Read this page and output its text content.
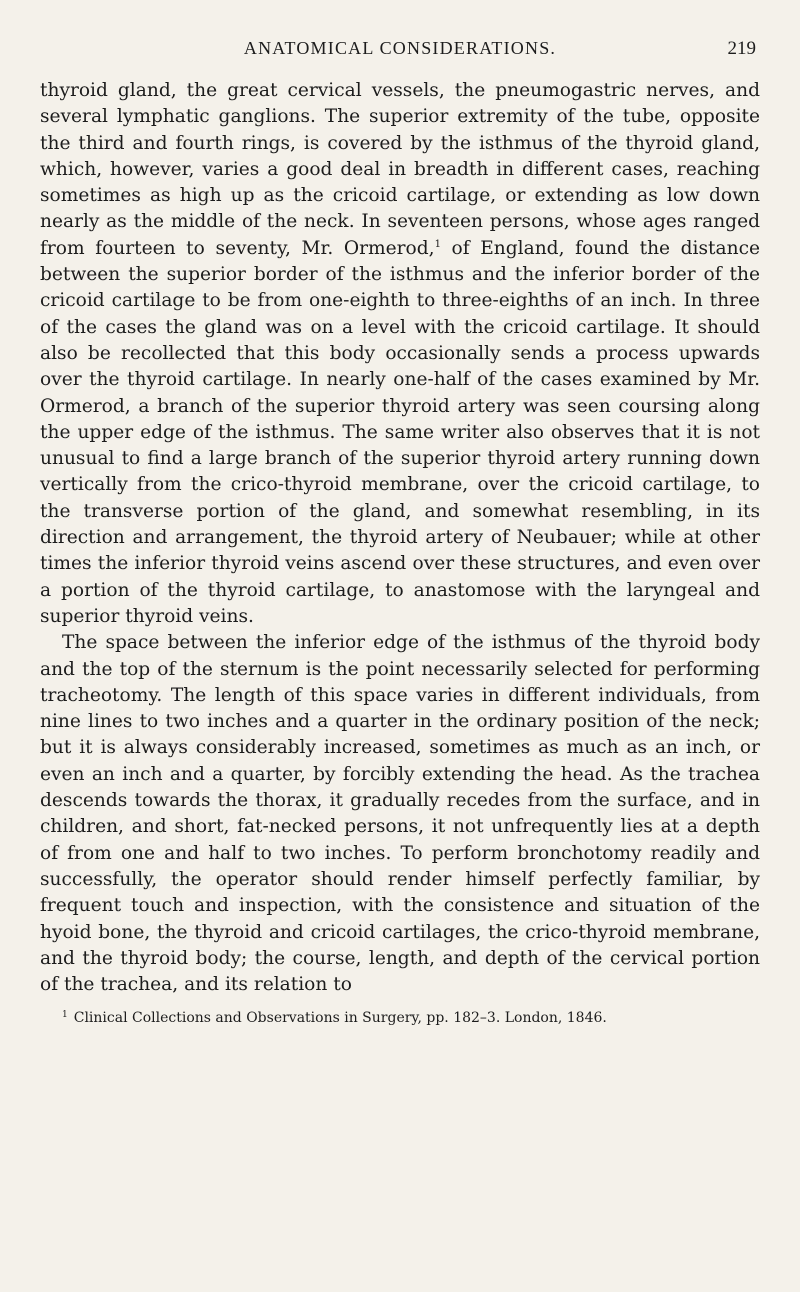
ANATOMICAL CONSIDERATIONS.	219

thyroid gland, the great cervical vessels, the pneumogastric nerves, and several lymphatic ganglions. The superior extremity of the tube, opposite the third and fourth rings, is covered by the isthmus of the thyroid gland, which, however, varies a good deal in breadth in different cases, reaching sometimes as high up as the cricoid cartilage, or extending as low down nearly as the middle of the neck. In seventeen persons, whose ages ranged from fourteen to seventy, Mr. Ormerod,$^1$ of England, found the distance between the superior border of the isthmus and the inferior border of the cricoid cartilage to be from one-eighth to three-eighths of an inch. In three of the cases the gland was on a level with the cricoid cartilage. It should also be recollected that this body occasionally sends a process upwards over the thyroid cartilage. In nearly one-half of the cases examined by Mr. Ormerod, a branch of the superior thyroid artery was seen coursing along the upper edge of the isthmus. The same writer also observes that it is not unusual to find a large branch of the superior thyroid artery running down vertically from the crico-thyroid membrane, over the cricoid cartilage, to the transverse portion of the gland, and somewhat resembling, in its direction and arrangement, the thyroid artery of Neubauer; while at other times the inferior thyroid veins ascend over these structures, and even over a portion of the thyroid cartilage, to anastomose with the laryngeal and superior thyroid veins.

The space between the inferior edge of the isthmus of the thyroid body and the top of the sternum is the point necessarily selected for performing tracheotomy. The length of this space varies in different individuals, from nine lines to two inches and a quarter in the ordinary position of the neck; but it is always considerably increased, sometimes as much as an inch, or even an inch and a quarter, by forcibly extending the head. As the trachea descends towards the thorax, it gradually recedes from the surface, and in children, and short, fat-necked persons, it not unfrequently lies at a depth of from one and half to two inches. To perform bronchotomy readily and successfully, the operator should render himself perfectly familiar, by frequent touch and inspection, with the consistence and situation of the hyoid bone, the thyroid and cricoid cartilages, the crico-thyroid membrane, and the thyroid body; the course, length, and depth of the cervical portion of the trachea, and its relation to

$^1$ Clinical Collections and Observations in Surgery, pp. 182–3. London, 1846.
